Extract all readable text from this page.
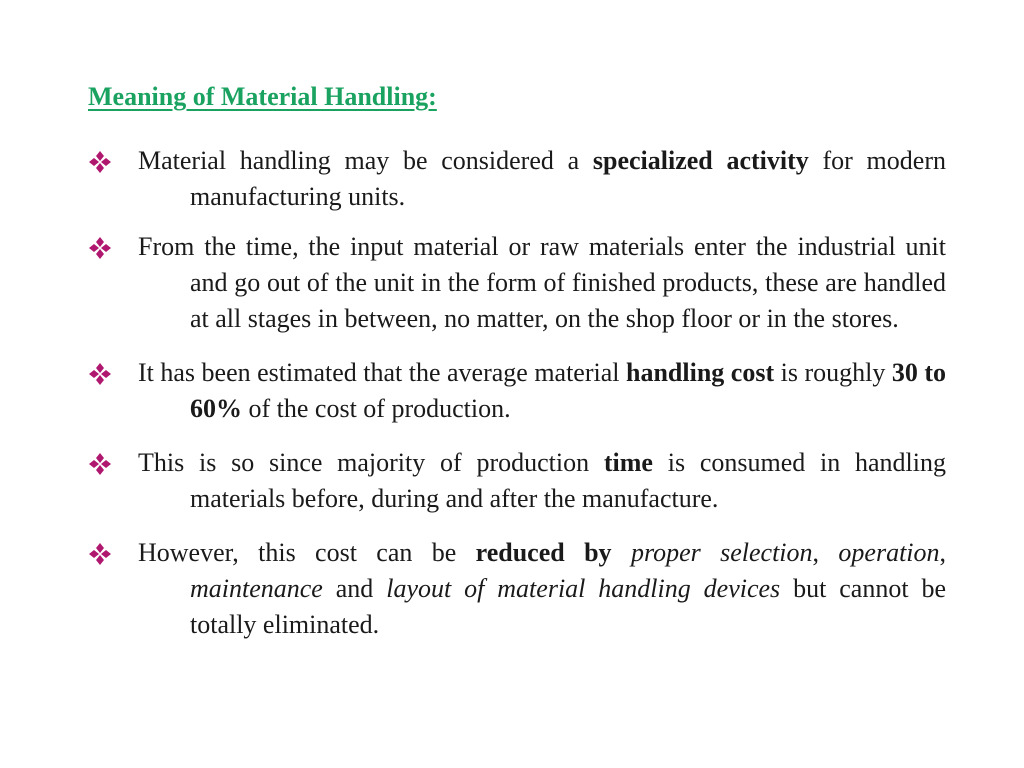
Meaning of Material Handling:
Material handling may be considered a specialized activity for modern manufacturing units.
From the time, the input material or raw materials enter the industrial unit and go out of the unit in the form of finished products, these are handled at all stages in between, no matter, on the shop floor or in the stores.
It has been estimated that the average material handling cost is roughly 30 to 60% of the cost of production.
This is so since majority of production time is consumed in handling materials before, during and after the manufacture.
However, this cost can be reduced by proper selection, operation, maintenance and layout of material handling devices but cannot be totally eliminated.
